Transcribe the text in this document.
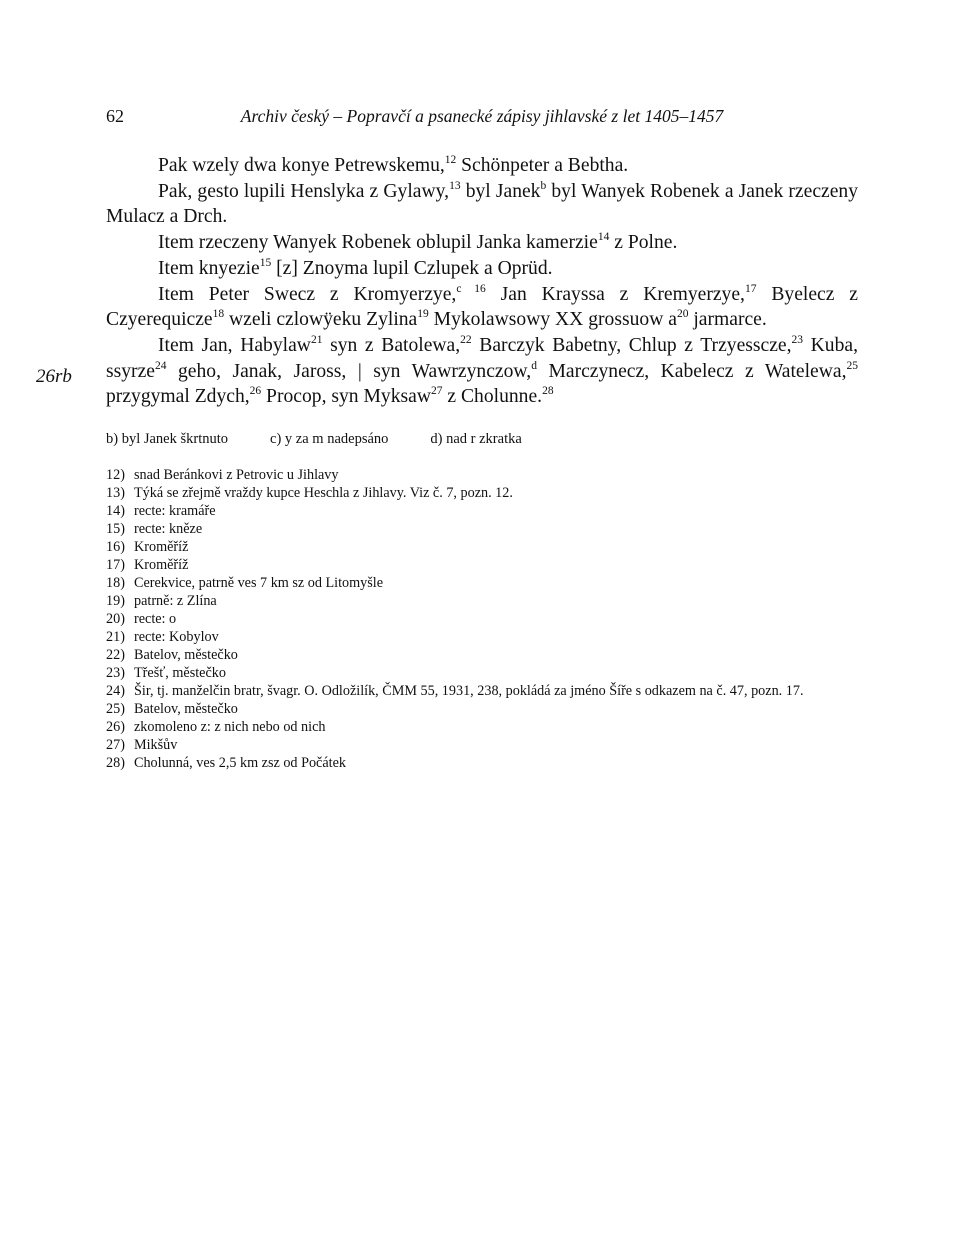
62	Archiv český – Popravčí a psanecké zápisy jihlavské z let 1405–1457

Pak wzely dwa konye Petrewskemu,$^{12}$ Schönpeter a Bebtha.

Pak, gesto lupili Henslyka z Gylawy,$^{13}$ byl Janek$^b$ byl Wanyek Robenek a Janek rzeczeny Mulacz a Drch.

Item rzeczeny Wanyek Robenek oblupil Janka kamerzie$^{14}$ z Polne.

Item knyezie$^{15}$ [z] Znoyma lupil Czlupek a Oprüd.

Item Peter Swecz z Kromyerzye,$^{c 16}$ Jan Krayssa z Kremyerzye,$^{17}$ Byelecz z Czyerequicze$^{18}$ wzeli czlowÿeku Zylina$^{19}$ Mykolawsowy XX grossuow $a^{20}$ jarmarce.

Item Jan, Habylaw$^{21}$ syn z Batolewa,$^{22}$ Barczyk Babetny, Chlup z Trzyesscze,$^{23}$ Kuba, ssyrze$^{24}$ geho, Janak, Jaross, | syn Wawrzynczow,$^d$ Marczynecz, Kabelecz z Watelewa,$^{25}$ przygymal Zdych,$^{26}$ Procop, syn Myksaw$^{27}$ z Cholunne.$^{28}$

26rb
b) byl Janek škrtnuto	c) y za m nadepsáno	d) nad r zkratka
12) snad Beránkovi z Petrovic u Jihlavy
13) Týká se zřejmě vraždy kupce Heschla z Jihlavy. Viz č. 7, pozn. 12.
14) recte: kramáře
15) recte: kněze
16) Kroměříž
17) Kroměříž
18) Cerekvice, patrně ves 7 km sz od Litomyšle
19) patrně: z Zlína
20) recte: o
21) recte: Kobylov
22) Batelov, městečko
23) Třešť, městečko
24) Šir, tj. manželčin bratr, švagr. O. Odložilík, ČMM 55, 1931, 238, pokládá za jméno Šíře s odkazem na č. 47, pozn. 17.
25) Batelov, městečko
26) zkomoleno z: z nich nebo od nich
27) Mikšův
28) Cholunná, ves 2,5 km zsz od Počátek
